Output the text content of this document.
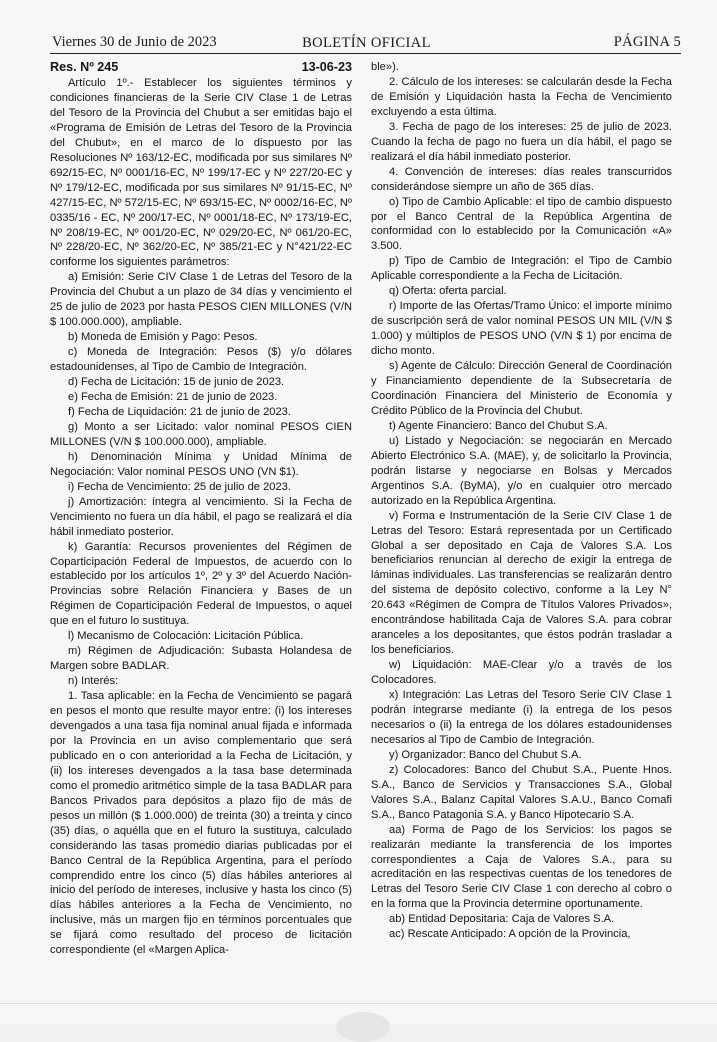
Viernes 30 de Junio de 2023	BOLETÍN OFICIAL	PÁGINA 5
Res. Nº 245	13-06-23

Artículo 1º.- Establecer los siguientes términos y condiciones financieras de la Serie CIV Clase 1 de Letras del Tesoro de la Provincia del Chubut a ser emitidas bajo el «Programa de Emisión de Letras del Tesoro de la Provincia del Chubut», en el marco de lo dispuesto por las Resoluciones Nº 163/12-EC, modificada por sus similares Nº 692/15-EC, Nº 0001/16-EC, Nº 199/17-EC y Nº 227/20-EC y Nº 179/12-EC, modificada por sus similares Nº 91/15-EC, Nº 427/15-EC, Nº 572/15-EC, Nº 693/15-EC, Nº 0002/16-EC, Nº 0335/16 - EC, Nº 200/17-EC, Nº 0001/18-EC, Nº 173/19-EC, Nº 208/19-EC, Nº 001/20-EC, Nº 029/20-EC, Nº 061/20-EC, Nº 228/20-EC, Nº 362/20-EC, Nº 385/21-EC y N°421/22-EC conforme los siguientes parámetros:

a) Emisión: Serie CIV Clase 1 de Letras del Tesoro de la Provincia del Chubut a un plazo de 34 días y vencimiento el 25 de julio de 2023 por hasta PESOS CIEN MILLONES (V/N $ 100.000.000), ampliable.

b) Moneda de Emisión y Pago: Pesos.

c) Moneda de Integración: Pesos ($) y/o dólares estadounidenses, al Tipo de Cambio de Integración.

d) Fecha de Licitación: 15 de junio de 2023.

e) Fecha de Emisión: 21 de junio de 2023.

f) Fecha de Liquidación: 21 de junio de 2023.

g) Monto a ser Licitado: valor nominal PESOS CIEN MILLONES (V/N $ 100.000.000), ampliable.

h) Denominación Mínima y Unidad Mínima de Negociación: Valor nominal PESOS UNO (VN $1).

i) Fecha de Vencimiento: 25 de julio de 2023.

j) Amortización: íntegra al vencimiento. Si la Fecha de Vencimiento no fuera un día hábil, el pago se realizará el día hábil inmediato posterior.

k) Garantía: Recursos provenientes del Régimen de Coparticipación Federal de Impuestos, de acuerdo con lo establecido por los artículos 1º, 2º y 3º del Acuerdo Nación-Provincias sobre Relación Financiera y Bases de un Régimen de Coparticipación Federal de Impuestos, o aquel que en el futuro lo sustituya.

l) Mecanismo de Colocación: Licitación Pública.

m) Régimen de Adjudicación: Subasta Holandesa de Margen sobre BADLAR.

n) Interés:

1. Tasa aplicable: en la Fecha de Vencimiento se pagará en pesos el monto que resulte mayor entre: (i) los intereses devengados a una tasa fija nominal anual fijada e informada por la Provincia en un aviso complementario que será publicado en o con anterioridad a la Fecha de Licitación, y (ii) los intereses devengados a la tasa base determinada como el promedio aritmético simple de la tasa BADLAR para Bancos Privados para depósitos a plazo fijo de más de pesos un millón ($ 1.000.000) de treinta (30) a treinta y cinco (35) días, o aquélla que en el futuro la sustituya, calculado considerando las tasas promedio diarias publicadas por el Banco Central de la República Argentina, para el período comprendido entre los cinco (5) días hábiles anteriores al inicio del período de intereses, inclusive y hasta los cinco (5) días hábiles anteriores a la Fecha de Vencimiento, no inclusive, más un margen fijo en términos porcentuales que se fijará como resultado del proceso de licitación correspondiente (el «Margen Aplica-

ble»).

2. Cálculo de los intereses: se calcularán desde la Fecha de Emisión y Liquidación hasta la Fecha de Vencimiento excluyendo a esta última.

3. Fecha de pago de los intereses: 25 de julio de 2023. Cuando la fecha de pago no fuera un día hábil, el pago se realizará el día hábil inmediato posterior.

4. Convención de intereses: días reales transcurridos considerándose siempre un año de 365 días.

o) Tipo de Cambio Aplicable: el tipo de cambio dispuesto por el Banco Central de la República Argentina de conformidad con lo establecido por la Comunicación «A» 3.500.

p) Tipo de Cambio de Integración: el Tipo de Cambio Aplicable correspondiente a la Fecha de Licitación.

q) Oferta: oferta parcial.

r) Importe de las Ofertas/Tramo Único: el importe mínimo de suscripción será de valor nominal PESOS UN MIL (V/N $ 1.000) y múltiplos de PESOS UNO (V/N $ 1) por encima de dicho monto.

s) Agente de Cálculo: Dirección General de Coordinación y Financiamiento dependiente de la Subsecretaría de Coordinación Financiera del Ministerio de Economía y Crédito Público de la Provincia del Chubut.

t) Agente Financiero: Banco del Chubut S.A.

u) Listado y Negociación: se negociarán en Mercado Abierto Electrónico S.A. (MAE), y, de solicitarlo la Provincia, podrán listarse y negociarse en Bolsas y Mercados Argentinos S.A. (ByMA), y/o en cualquier otro mercado autorizado en la República Argentina.

v) Forma e Instrumentación de la Serie CIV Clase 1 de Letras del Tesoro: Estará representada por un Certificado Global a ser depositado en Caja de Valores S.A. Los beneficiarios renuncian al derecho de exigir la entrega de láminas individuales. Las transferencias se realizarán dentro del sistema de depósito colectivo, conforme a la Ley N° 20.643 «Régimen de Compra de Títulos Valores Privados», encontrándose habilitada Caja de Valores S.A. para cobrar aranceles a los depositantes, que éstos podrán trasladar a los beneficiarios.

w) Liquidación: MAE-Clear y/o a través de los Colocadores.

x) Integración: Las Letras del Tesoro Serie CIV Clase 1 podrán integrarse mediante (i) la entrega de los pesos necesarios o (ii) la entrega de los dólares estadounidenses necesarios al Tipo de Cambio de Integración.

y) Organizador: Banco del Chubut S.A.

z) Colocadores: Banco del Chubut S.A., Puente Hnos. S.A., Banco de Servicios y Transacciones S.A., Global Valores S.A., Balanz Capital Valores S.A.U., Banco Comafi S.A., Banco Patagonia S.A. y Banco Hipotecario S.A.

aa) Forma de Pago de los Servicios: los pagos se realizarán mediante la transferencia de los importes correspondientes a Caja de Valores S.A., para su acreditación en las respectivas cuentas de los tenedores de Letras del Tesoro Serie CIV Clase 1 con derecho al cobro o en la forma que la Provincia determine oportunamente.

ab) Entidad Depositaria: Caja de Valores S.A.

ac) Rescate Anticipado: A opción de la Provincia,
